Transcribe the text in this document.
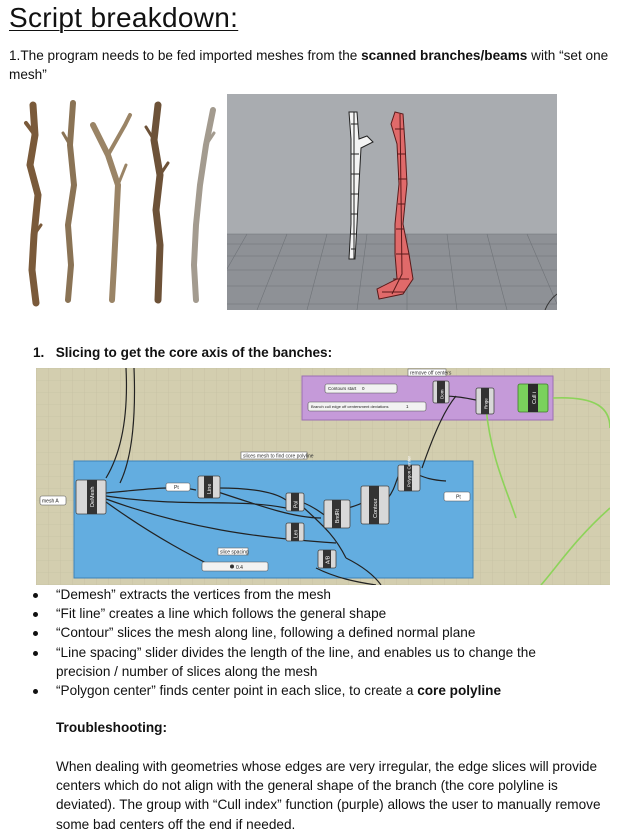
Script breakdown:
1.The program needs to be fed imported meshes from the scanned branches/beams with “set one mesh”
1. Slicing to get the core axis of the banches:
remove off centers
slices mesh to find core polyline
mesh A	DeMesh	Line
Pt
Pol
Len
BndRt	Contour
Polygon Center
Pt
A/B
slice spacing
0.4
Contours start 0
Branch cull edge off centersment deviations	1
Dom
Rnge	Cull i
“Demesh” extracts the vertices from the mesh
“Fit line” creates a line which follows the general shape
“Contour” slices the mesh along line, following a defined normal plane
“Line spacing” slider divides the length of the line, and enables us to change the precision / number of slices along the mesh
“Polygon center” finds center point in each slice, to create a core polyline
Troubleshooting:
When dealing with geometries whose edges are very irregular, the edge slices will provide centers which do not align with the general shape of the branch (the core polyline is deviated). The group with “Cull index” function (purple) allows the user to manually remove some bad centers off the end if needed.
